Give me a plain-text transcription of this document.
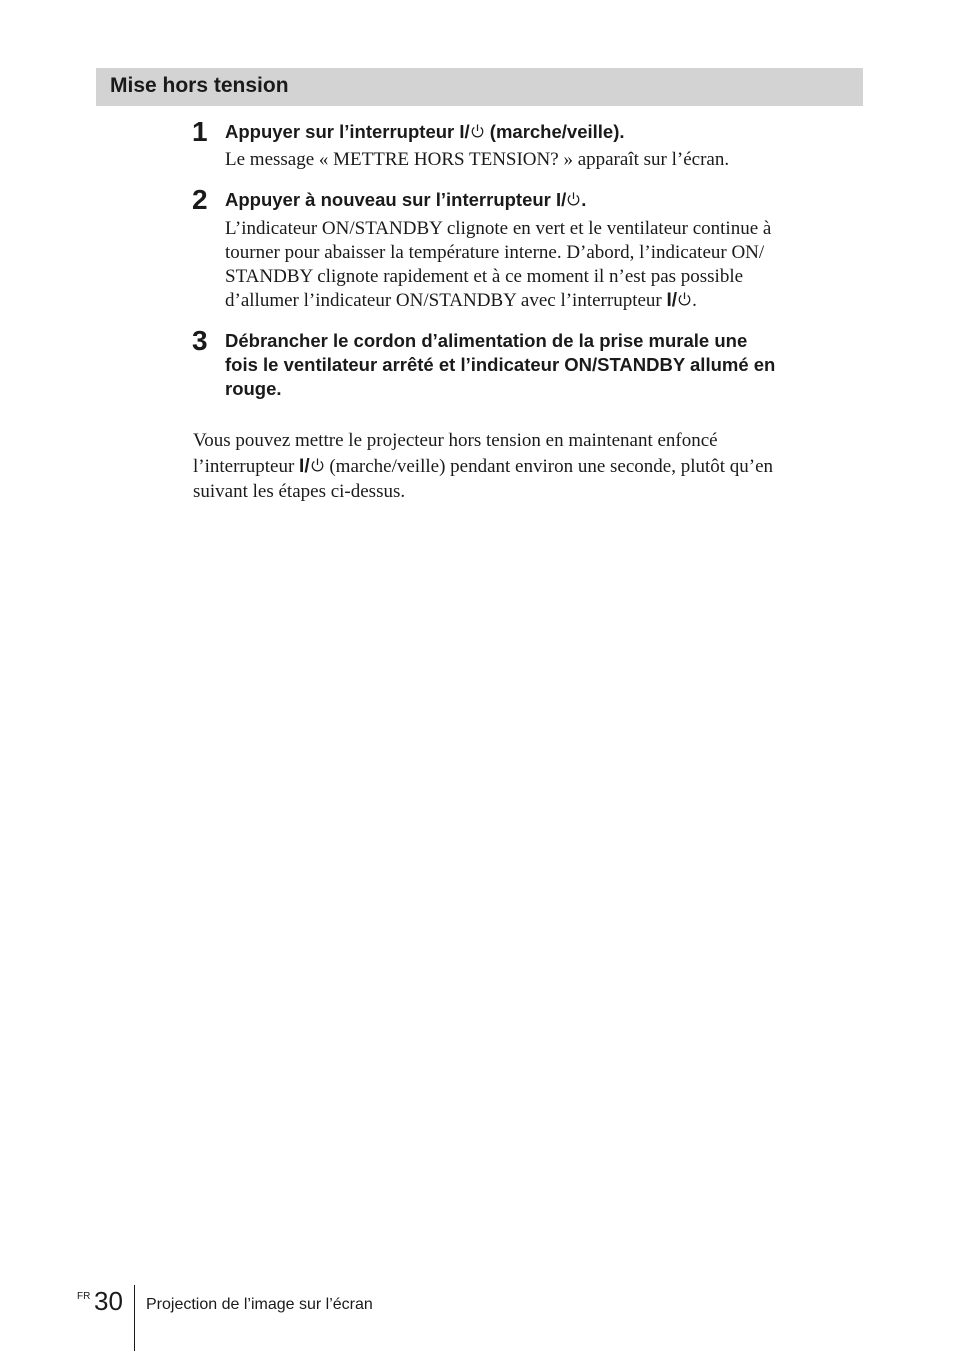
Mise hors tension
1 Appuyer sur l’interrupteur I/ (marche/veille).
Le message « METTRE HORS TENSION? » apparaît sur l’écran.
2 Appuyer à nouveau sur l’interrupteur I/ .
L’indicateur ON/STANDBY clignote en vert et le ventilateur continue à
tourner pour abaisser la température interne. D’abord, l’indicateur ON/
STANDBY clignote rapidement et à ce moment il n’est pas possible
d’allumer l’indicateur ON/STANDBY avec l’interrupteur I/ .
3 Débrancher le cordon d’alimentation de la prise murale une
fois le ventilateur arrêté et l’indicateur ON/STANDBY allumé en
rouge.
Vous pouvez mettre le projecteur hors tension en maintenant enfoncé
l’interrupteur I/ (marche/veille) pendant environ une seconde, plutôt qu’en
suivant les étapes ci-dessus.
FR 30 Projection de l’image sur l’écran
